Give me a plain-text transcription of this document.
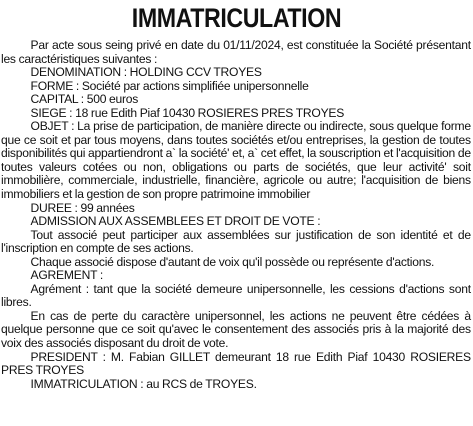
IMMATRICULATION

Par acte sous seing privé en date du 01/11/2024, est constituée la Société présentant les caractéristiques suivantes :

DENOMINATION : HOLDING CCV TROYES

FORME : Société par actions simplifiée unipersonnelle

CAPITAL : 500 euros

SIEGE : 18 rue Edith Piaf 10430 ROSIERES PRES TROYES

OBJET : La prise de participation, de manière directe ou indirecte, sous quelque forme que ce soit et par tous moyens, dans toutes sociétés et/ou entreprises, la gestion de toutes disponibilités qui appartiendront a` la société' et, a` cet effet, la souscription et l'acquisition de toutes valeurs cotées ou non, obligations ou parts de sociétés, que leur activité' soit immobilière, commerciale, industrielle, financière, agricole ou autre; l'acquisition de biens immobiliers et la gestion de son propre patrimoine immobilier

DUREE : 99 années

ADMISSION AUX ASSEMBLEES ET DROIT DE VOTE :

Tout associé peut participer aux assemblées sur justification de son identité et de l'inscription en compte de ses actions.

Chaque associé dispose d'autant de voix qu'il possède ou représente d'actions.

AGREMENT :

Agrément : tant que la société demeure unipersonnelle, les cessions d'actions sont libres.

En cas de perte du caractère unipersonnel, les actions ne peuvent être cédées à quelque personne que ce soit qu'avec le consentement des associés pris à la majorité des voix des associés disposant du droit de vote.

PRESIDENT : M. Fabian GILLET demeurant 18 rue Edith Piaf 10430 ROSIERES PRES TROYES

IMMATRICULATION : au RCS de TROYES.
